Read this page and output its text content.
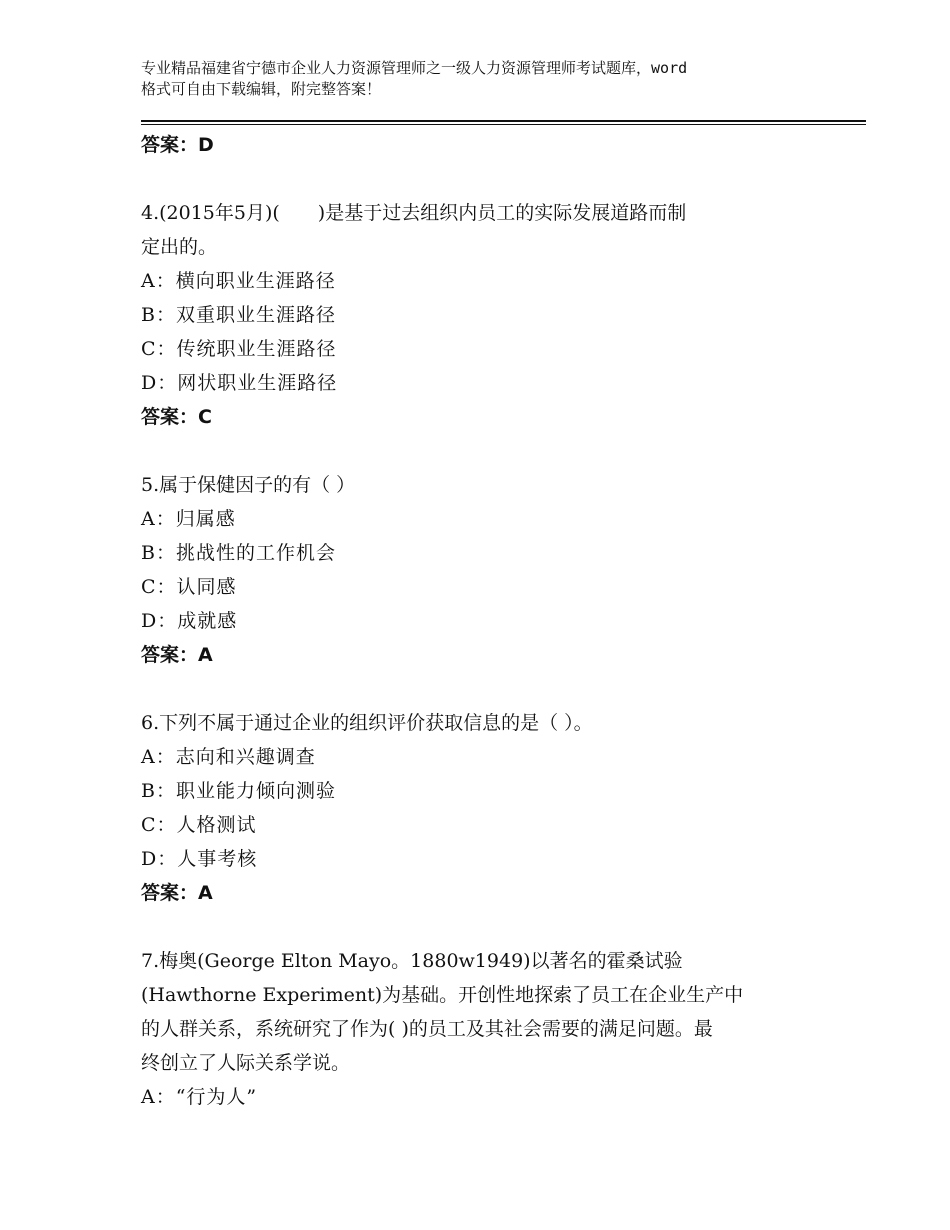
专业精品福建省宁德市企业人力资源管理师之一级人力资源管理师考试题库，word
格式可自由下载编辑，附完整答案！
答案：D
4.(2015年5月)(　　)是基于过去组织内员工的实际发展道路而制
定出的。
A：横向职业生涯路径
B：双重职业生涯路径
C：传统职业生涯路径
D：网状职业生涯路径
答案：C
5.属于保健因子的有（ ）
A：归属感
B：挑战性的工作机会
C：认同感
D：成就感
答案：A
6.下列不属于通过企业的组织评价获取信息的是（ ）。
A：志向和兴趣调查
B：职业能力倾向测验
C：人格测试
D：人事考核
答案：A
7.梅奥(George Elton Mayo。1880w1949)以著名的霍桑试验
(Hawthorne Experiment)为基础。开创性地探索了员工在企业生产中
的人群关系，系统研究了作为( )的员工及其社会需要的满足问题。最
终创立了人际关系学说。
A：“行为人”
